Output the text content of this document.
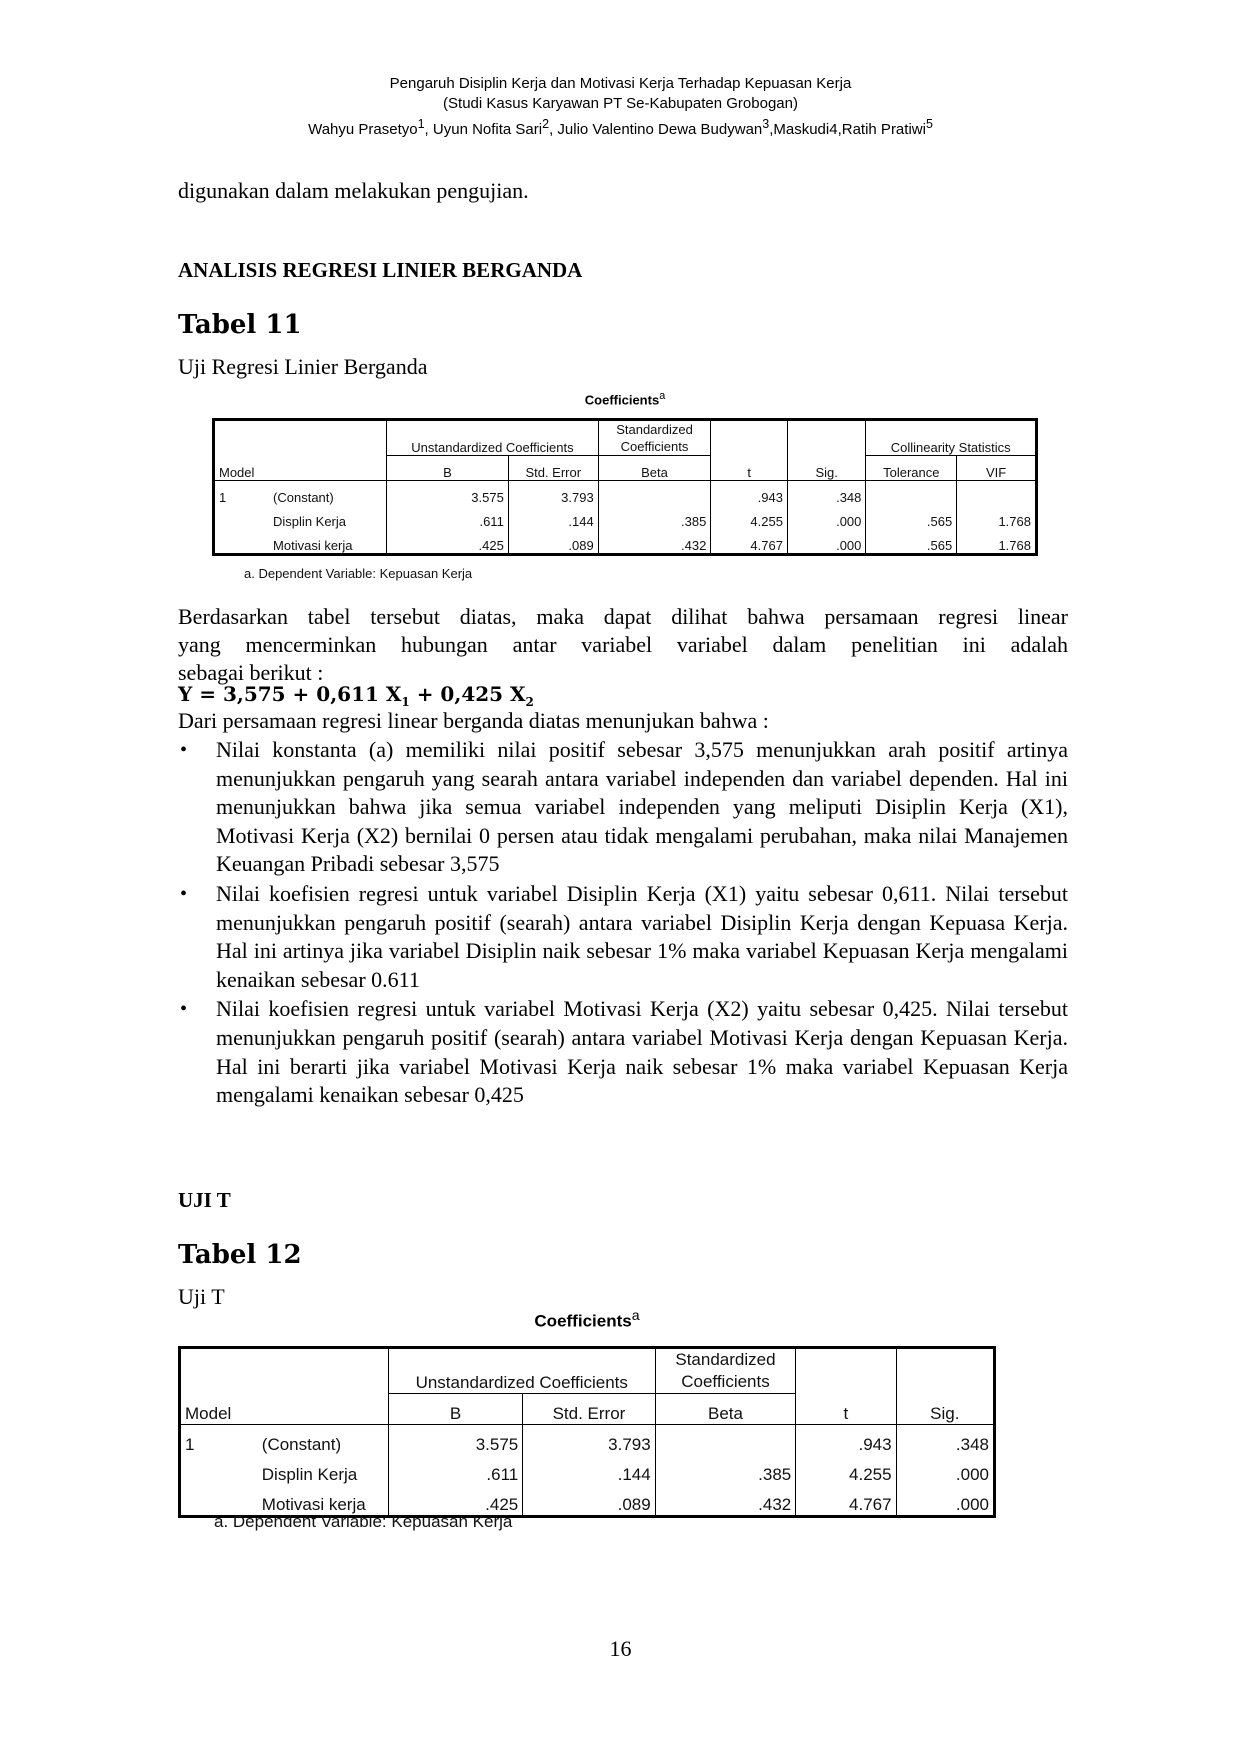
Pengaruh Disiplin Kerja dan Motivasi Kerja Terhadap Kepuasan Kerja
(Studi Kasus Karyawan PT Se-Kabupaten Grobogan)
Wahyu Prasetyo$^1$, Uyun Nofita Sari$^2$, Julio Valentino Dewa Budywan$^3$,Maskudi4,Ratih Pratiwi$^5$
digunakan dalam melakukan pengujian.
ANALISIS REGRESI LINIER BERGANDA
Tabel 11
Uji Regresi Linier Berganda
Coefficients$^a$
Model		Unstandardized Coefficients		Standardized Coefficients	t	Sig.	Collinearity Statistics	
		B	Std. Error	Beta			Tolerance	VIF
1	(Constant)	3.575	3.793		.943	.348		
	Displin Kerja	.611	.144	.385	4.255	.000	.565	1.768
	Motivasi kerja	.425	.089	.432	4.767	.000	.565	1.768
a. Dependent Variable: Kepuasan Kerja
Berdasarkan tabel tersebut diatas, maka dapat dilihat bahwa persamaan regresi linear
yang mencerminkan hubungan antar variabel variabel dalam penelitian ini adalah
sebagai berikut :
Y = 3,575 + 0,611 $X_1 + 0,425$ $X_2$
Dari persamaan regresi linear berganda diatas menunjukan bahwa :
• Nilai konstanta (a) memiliki nilai positif sebesar 3,575 menunjukkan arah positif artinya menunjukkan pengaruh yang searah antara variabel independen dan variabel dependen. Hal ini menunjukkan bahwa jika semua variabel independen yang meliputi Disiplin Kerja (X1), Motivasi Kerja (X2) bernilai 0 persen atau tidak mengalami perubahan, maka nilai Manajemen Keuangan Pribadi sebesar 3,575
• Nilai koefisien regresi untuk variabel Disiplin Kerja (X1) yaitu sebesar 0,611. Nilai tersebut menunjukkan pengaruh positif (searah) antara variabel Disiplin Kerja dengan Kepuasa Kerja. Hal ini artinya jika variabel Disiplin naik sebesar 1% maka variabel Kepuasan Kerja mengalami kenaikan sebesar 0.611
• Nilai koefisien regresi untuk variabel Motivasi Kerja (X2) yaitu sebesar 0,425. Nilai tersebut menunjukkan pengaruh positif (searah) antara variabel Motivasi Kerja dengan Kepuasan Kerja. Hal ini berarti jika variabel Motivasi Kerja naik sebesar 1% maka variabel Kepuasan Kerja mengalami kenaikan sebesar 0,425
UJI T
Tabel 12
Uji T
Coefficients$^a$
Model		Unstandardized Coefficients		Standardized Coefficients	t	Sig.
		B	Std. Error	Beta		
1	(Constant)	3.575	3.793		.943	.348
	Displin Kerja	.611	.144	.385	4.255	.000
	Motivasi kerja	.425	.089	.432	4.767	.000
a. Dependent Variable: Kepuasan Kerja
16
